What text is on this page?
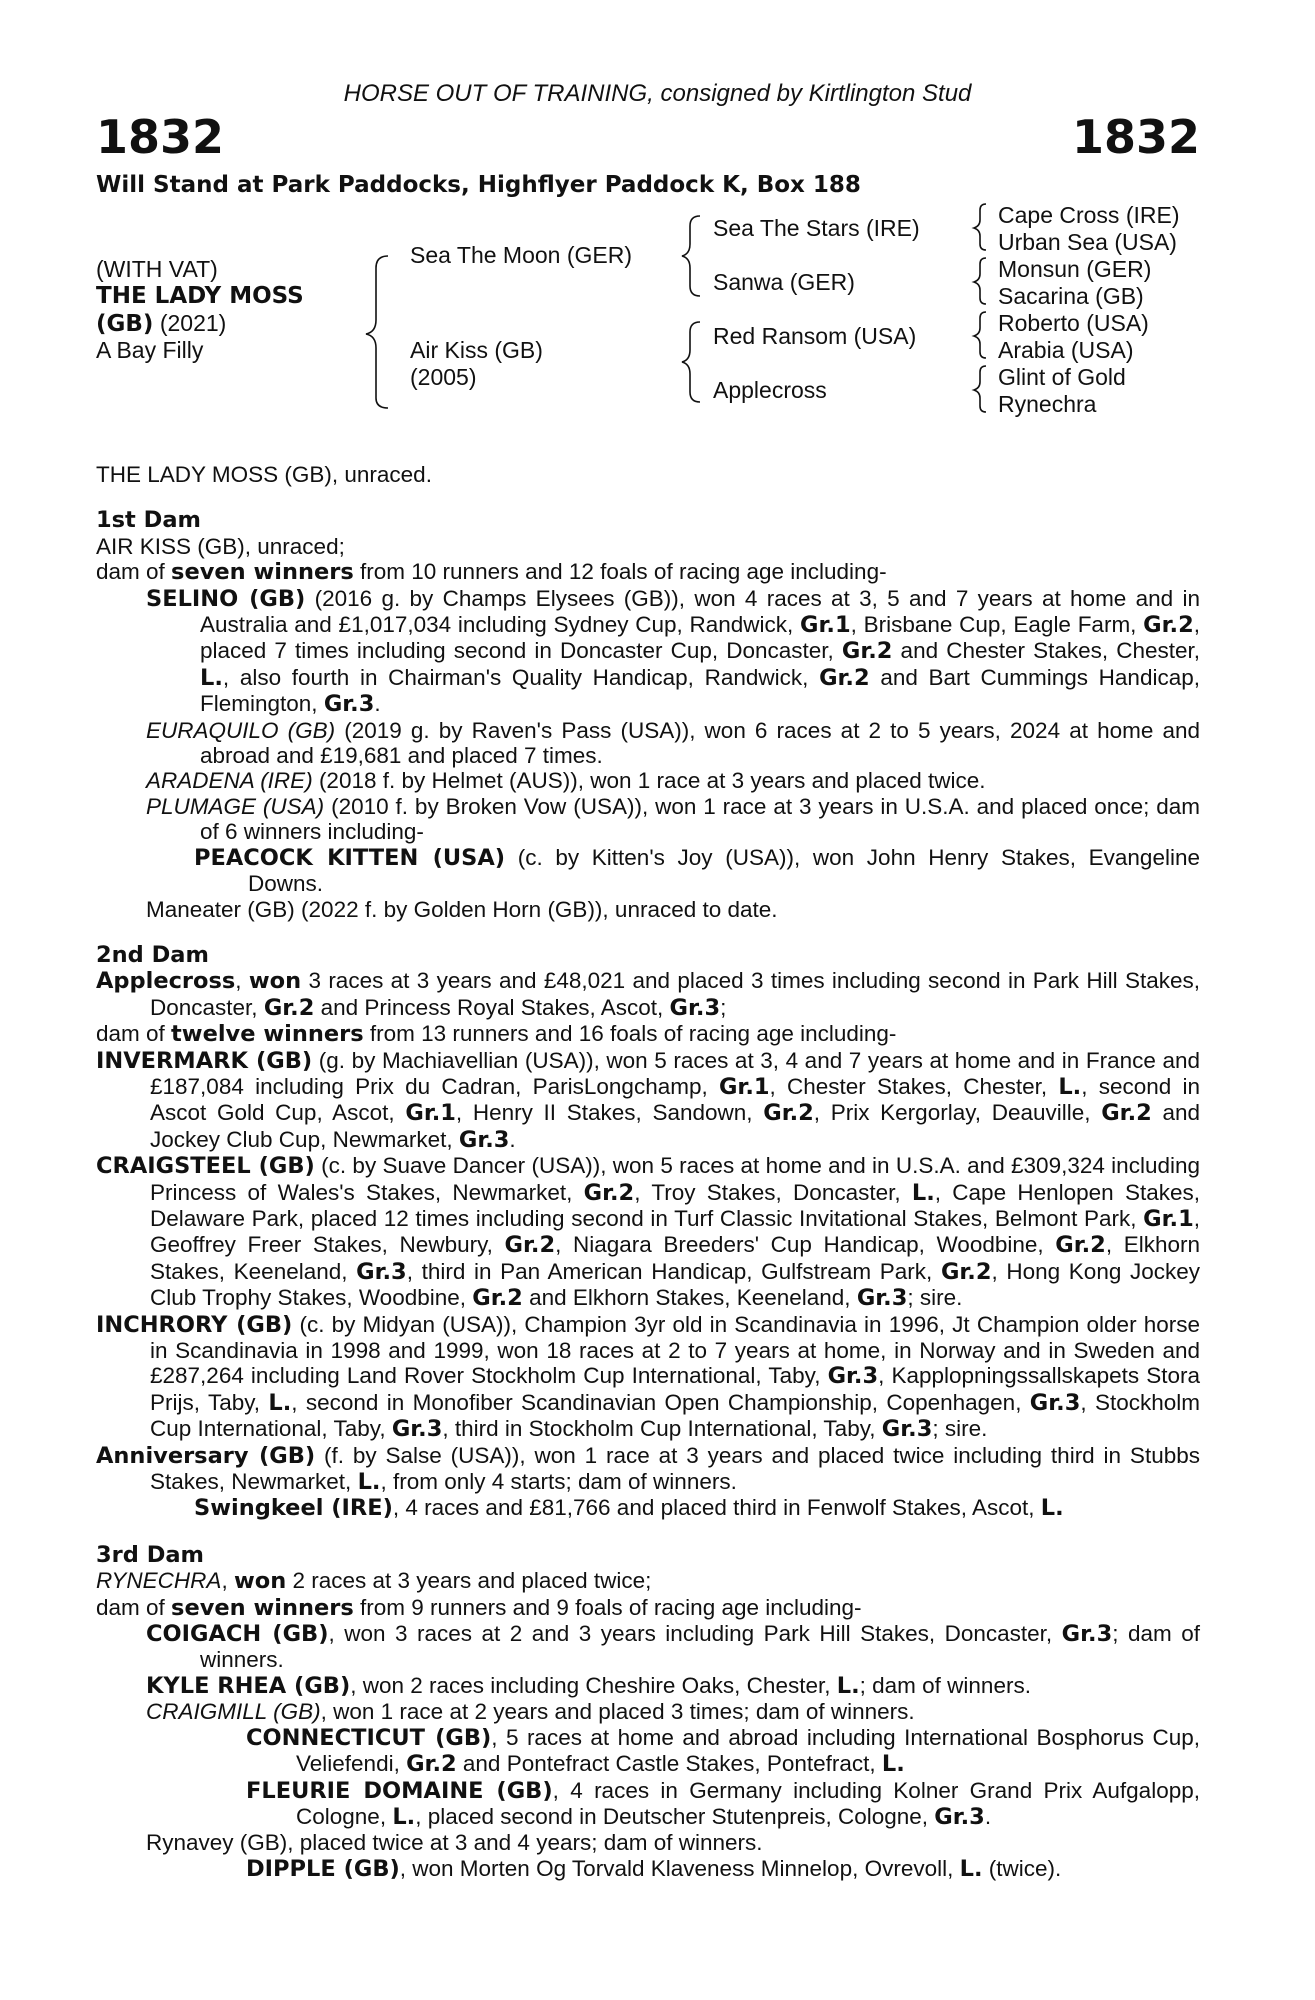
HORSE OUT OF TRAINING, consigned by Kirtlington Stud
1832	1832
Will Stand at Park Paddocks, Highflyer Paddock K, Box 188
(WITH VAT)
THE LADY MOSS
(GB) (2021)
A Bay Filly
Sea The Moon (GER)
Air Kiss (GB)
(2005)
Sea The Stars (IRE)
Sanwa (GER)
Red Ransom (USA)
Applecross
Cape Cross (IRE)
Urban Sea (USA)
Monsun (GER)
Sacarina (GB)
Roberto (USA)
Arabia (USA)
Glint of Gold
Rynechra

THE LADY MOSS (GB), unraced.

1st Dam

AIR KISS (GB), unraced;

dam of seven winners from 10 runners and 12 foals of racing age including-

SELINO (GB) (2016 g. by Champs Elysees (GB)), won 4 races at 3, 5 and 7 years at home and in Australia and £1,017,034 including Sydney Cup, Randwick, Gr.1, Brisbane Cup, Eagle Farm, Gr.2, placed 7 times including second in Doncaster Cup, Doncaster, Gr.2 and Chester Stakes, Chester, L., also fourth in Chairman's Quality Handicap, Randwick, Gr.2 and Bart Cummings Handicap, Flemington, Gr.3.

EURAQUILO (GB) (2019 g. by Raven's Pass (USA)), won 6 races at 2 to 5 years, 2024 at home and abroad and £19,681 and placed 7 times.

ARADENA (IRE) (2018 f. by Helmet (AUS)), won 1 race at 3 years and placed twice.

PLUMAGE (USA) (2010 f. by Broken Vow (USA)), won 1 race at 3 years in U.S.A. and placed once; dam of 6 winners including-

PEACOCK KITTEN (USA) (c. by Kitten's Joy (USA)), won John Henry Stakes, Evangeline Downs.

Maneater (GB) (2022 f. by Golden Horn (GB)), unraced to date.

2nd Dam

Applecross, won 3 races at 3 years and £48,021 and placed 3 times including second in Park Hill Stakes, Doncaster, Gr.2 and Princess Royal Stakes, Ascot, Gr.3;

dam of twelve winners from 13 runners and 16 foals of racing age including-

INVERMARK (GB) (g. by Machiavellian (USA)), won 5 races at 3, 4 and 7 years at home and in France and £187,084 including Prix du Cadran, ParisLongchamp, Gr.1, Chester Stakes, Chester, L., second in Ascot Gold Cup, Ascot, Gr.1, Henry II Stakes, Sandown, Gr.2, Prix Kergorlay, Deauville, Gr.2 and Jockey Club Cup, Newmarket, Gr.3.

CRAIGSTEEL (GB) (c. by Suave Dancer (USA)), won 5 races at home and in U.S.A. and £309,324 including Princess of Wales's Stakes, Newmarket, Gr.2, Troy Stakes, Doncaster, L., Cape Henlopen Stakes, Delaware Park, placed 12 times including second in Turf Classic Invitational Stakes, Belmont Park, Gr.1, Geoffrey Freer Stakes, Newbury, Gr.2, Niagara Breeders' Cup Handicap, Woodbine, Gr.2, Elkhorn Stakes, Keeneland, Gr.3, third in Pan American Handicap, Gulfstream Park, Gr.2, Hong Kong Jockey Club Trophy Stakes, Woodbine, Gr.2 and Elkhorn Stakes, Keeneland, Gr.3; sire.

INCHRORY (GB) (c. by Midyan (USA)), Champion 3yr old in Scandinavia in 1996, Jt Champion older horse in Scandinavia in 1998 and 1999, won 18 races at 2 to 7 years at home, in Norway and in Sweden and £287,264 including Land Rover Stockholm Cup International, Taby, Gr.3, Kapplopningssallskapets Stora Prijs, Taby, L., second in Monofiber Scandinavian Open Championship, Copenhagen, Gr.3, Stockholm Cup International, Taby, Gr.3, third in Stockholm Cup International, Taby, Gr.3; sire.

Anniversary (GB) (f. by Salse (USA)), won 1 race at 3 years and placed twice including third in Stubbs Stakes, Newmarket, L., from only 4 starts; dam of winners.

Swingkeel (IRE), 4 races and £81,766 and placed third in Fenwolf Stakes, Ascot, L.

3rd Dam

RYNECHRA, won 2 races at 3 years and placed twice;

dam of seven winners from 9 runners and 9 foals of racing age including-

COIGACH (GB), won 3 races at 2 and 3 years including Park Hill Stakes, Doncaster, Gr.3; dam of winners.

KYLE RHEA (GB), won 2 races including Cheshire Oaks, Chester, L.; dam of winners.

CRAIGMILL (GB), won 1 race at 2 years and placed 3 times; dam of winners.

CONNECTICUT (GB), 5 races at home and abroad including International Bosphorus Cup, Veliefendi, Gr.2 and Pontefract Castle Stakes, Pontefract, L.

FLEURIE DOMAINE (GB), 4 races in Germany including Kolner Grand Prix Aufgalopp, Cologne, L., placed second in Deutscher Stutenpreis, Cologne, Gr.3.

Rynavey (GB), placed twice at 3 and 4 years; dam of winners.

DIPPLE (GB), won Morten Og Torvald Klaveness Minnelop, Ovrevoll, L. (twice).
